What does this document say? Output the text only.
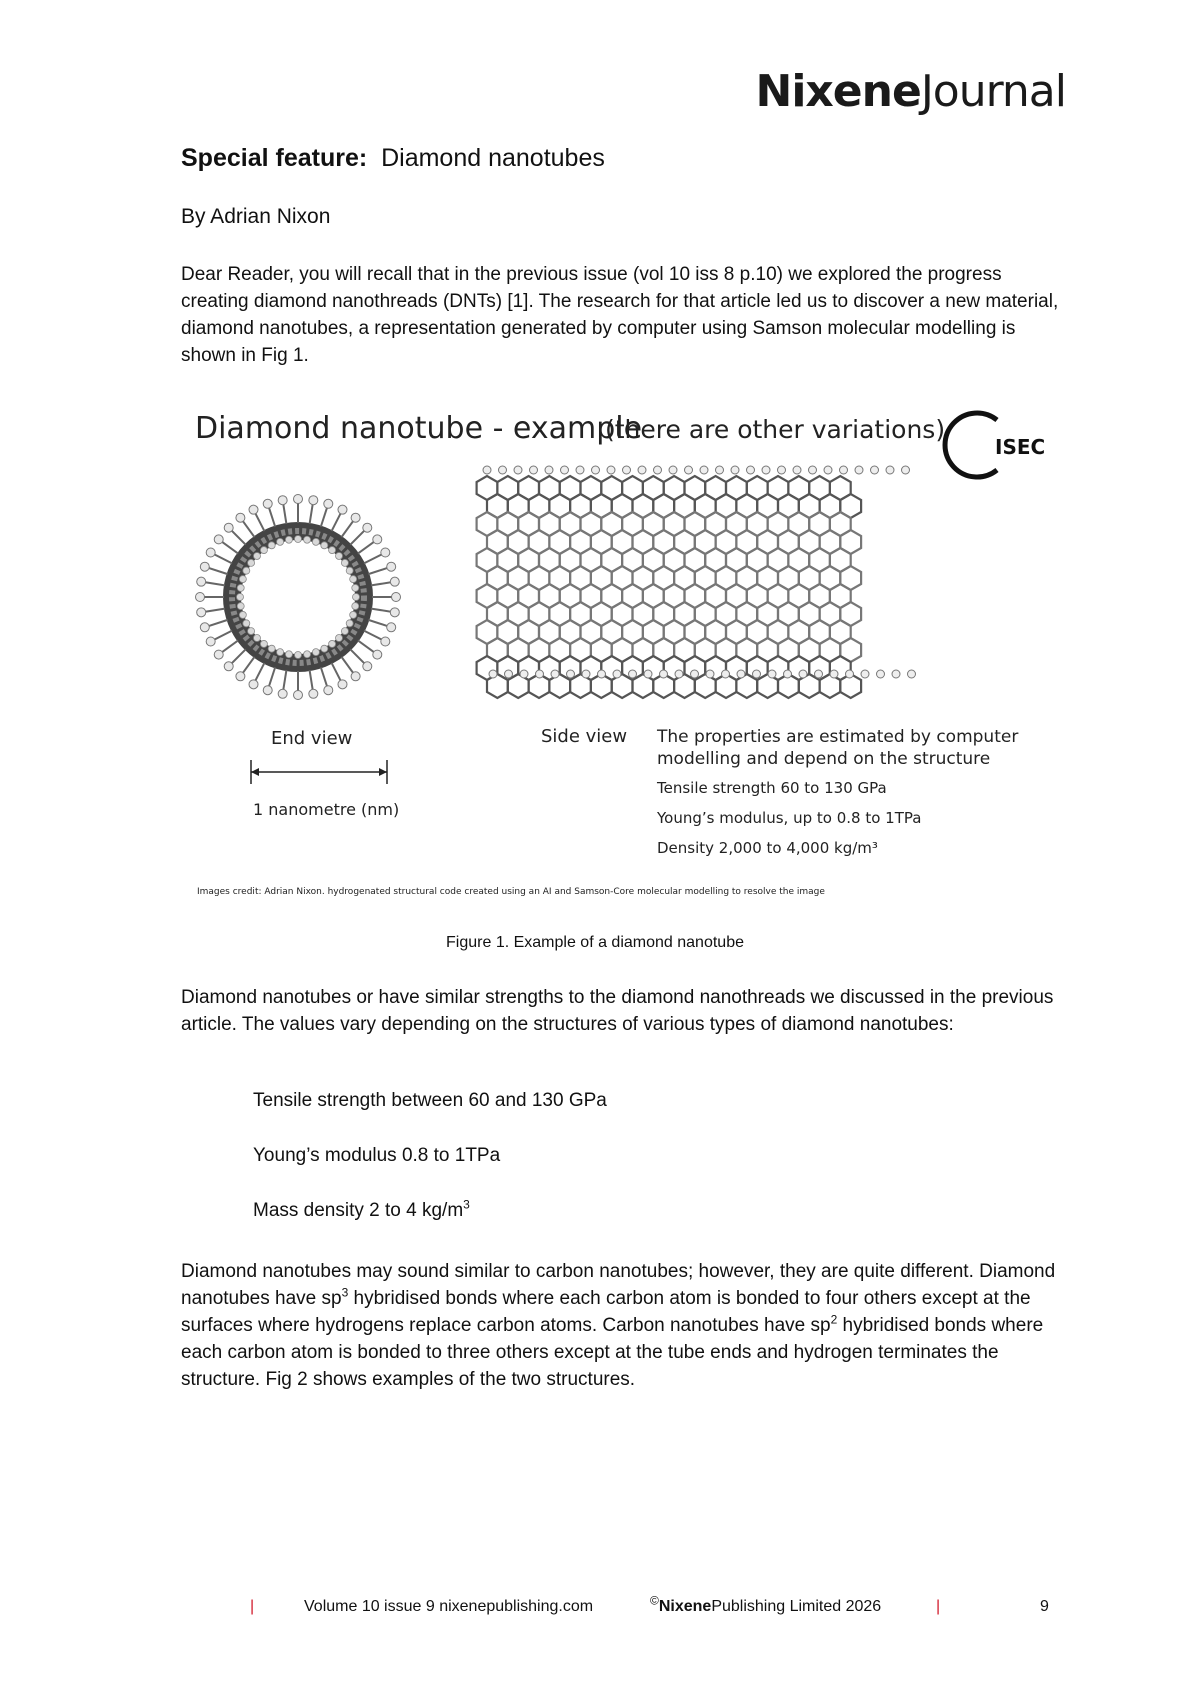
NixeneJournal

Special feature: Diamond nanotubes

By Adrian Nixon

Dear Reader, you will recall that in the previous issue (vol 10 iss 8 p.10) we explored the progress creating diamond nanothreads (DNTs) [1]. The research for that article led us to discover a new material, diamond nanotubes, a representation generated by computer using Samson molecular modelling is shown in Fig 1.

Diamond nanotube - example
(there are other variations)
ISEC
End view	Side view
1 nanometre (nm)
The properties are estimated by computer
modelling and depend on the structure
Tensile strength 60 to 130 GPa
Young’s modulus, up to 0.8 to 1TPa
Density 2,000 to 4,000 kg/m³
Images credit: Adrian Nixon. hydrogenated structural code created using an AI and Samson-Core molecular modelling to resolve the image
Figure 1. Example of a diamond nanotube

Diamond nanotubes or have similar strengths to the diamond nanothreads we discussed in the previous article. The values vary depending on the structures of various types of diamond nanotubes:

Tensile strength between 60 and 130 GPa
Young’s modulus 0.8 to 1TPa
Mass density 2 to 4 $kg/m^3$

Diamond nanotubes may sound similar to carbon nanotubes; however, they are quite different. Diamond nanotubes have $sp^3$ hybridised bonds where each carbon atom is bonded to four others except at the surfaces where hydrogens replace carbon atoms. Carbon nanotubes have $sp^2$ hybridised bonds where each carbon atom is bonded to three others except at the tube ends and hydrogen terminates the structure. Fig 2 shows examples of the two structures.

|	Volume 10 issue 9 nixenepublishing.com	©NixenePublishing Limited 2026	|	9
